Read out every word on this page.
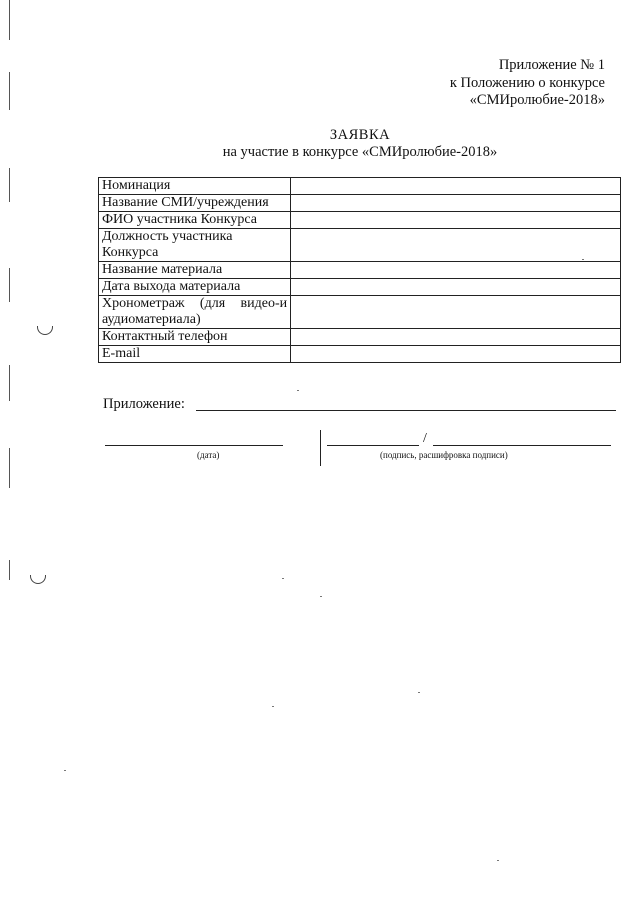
Приложение № 1
к Положению о конкурсе
«СМИролюбие-2018»
ЗАЯВКА
на участие в конкурсе «СМИролюбие-2018»
Номинация	
Название СМИ/учреждения	
ФИО участника Конкурса	
Должность участника Конкурса	
Название материала	
Дата выхода материала	
Хронометраж (для видео-и аудиоматериала)	
Контактный телефон	
E-mail	
Приложение:
(дата)
/
(подпись, расшифровка подписи)
